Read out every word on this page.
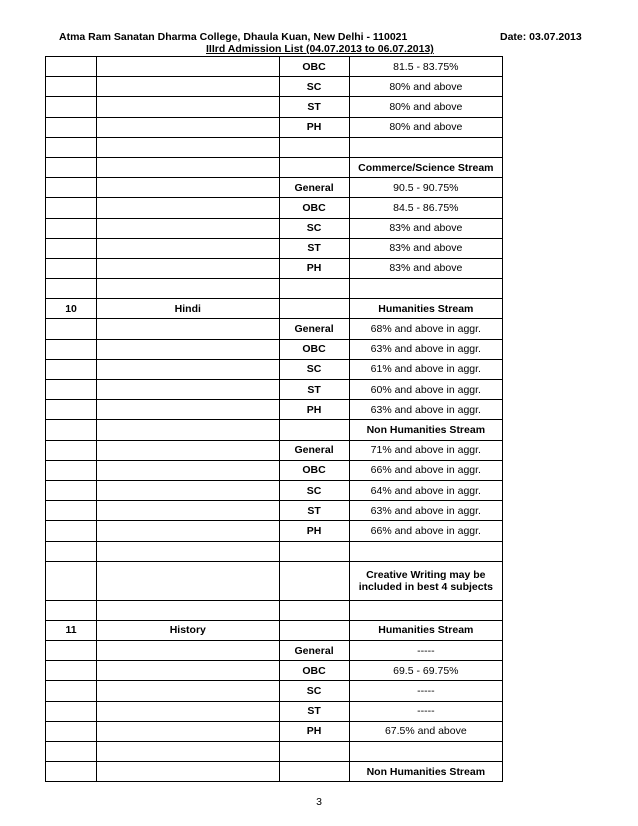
Atma Ram Sanatan Dharma College, Dhaula Kuan, New Delhi - 110021	Date: 03.07.2013
IIIrd Admission List (04.07.2013 to 06.07.2013)
		OBC	81.5 - 83.75%
		SC	80% and above
		ST	80% and above
		PH	80% and above

			Commerce/Science Stream
		General	90.5 - 90.75%
		OBC	84.5 - 86.75%
		SC	83% and above
		ST	83% and above
		PH	83% and above

10	Hindi		Humanities Stream
		General	68% and above in aggr.
		OBC	63% and above in aggr.
		SC	61% and above in aggr.
		ST	60% and above in aggr.
		PH	63% and above in aggr.
			Non Humanities Stream
		General	71% and above in aggr.
		OBC	66% and above in aggr.
		SC	64% and above in aggr.
		ST	63% and above in aggr.
		PH	66% and above in aggr.

			Creative Writing may be included in best 4 subjects

11	History		Humanities Stream
		General	-----
		OBC	69.5 - 69.75%
		SC	-----
		ST	-----
		PH	67.5% and above

			Non Humanities Stream
3
